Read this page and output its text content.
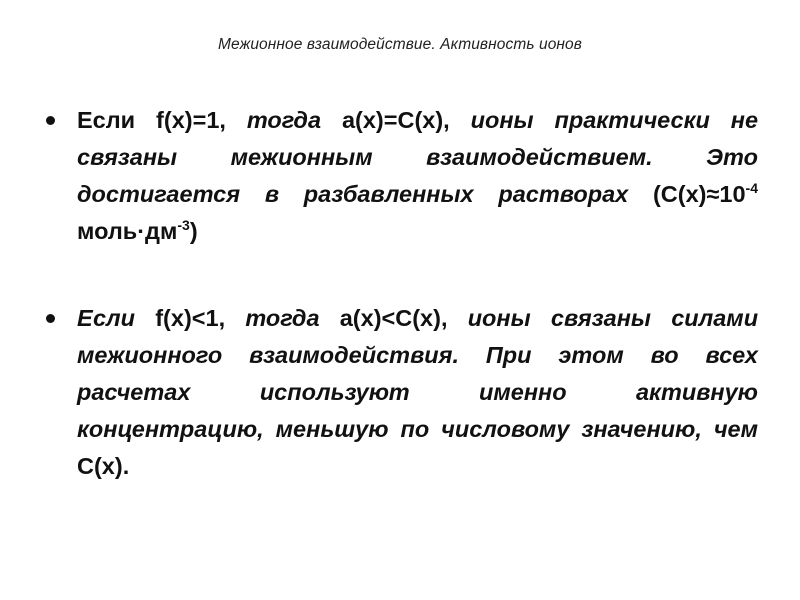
Межионное взаимодействие. Активность ионов
Если f(x)=1, тогда a(x)=C(x), ионы практически не связаны межионным взаимодействием. Это достигается в разбавленных растворах ($C(x)\approx 10^{-4}$ $моль\cdot дм^{-3}$)
Если f(x)<1, тогда a(x)<C(x), ионы связаны силами межионного взаимодействия. При этом во всех расчетах используют именно активную концентрацию, меньшую по числовому значению, чем C(x).
